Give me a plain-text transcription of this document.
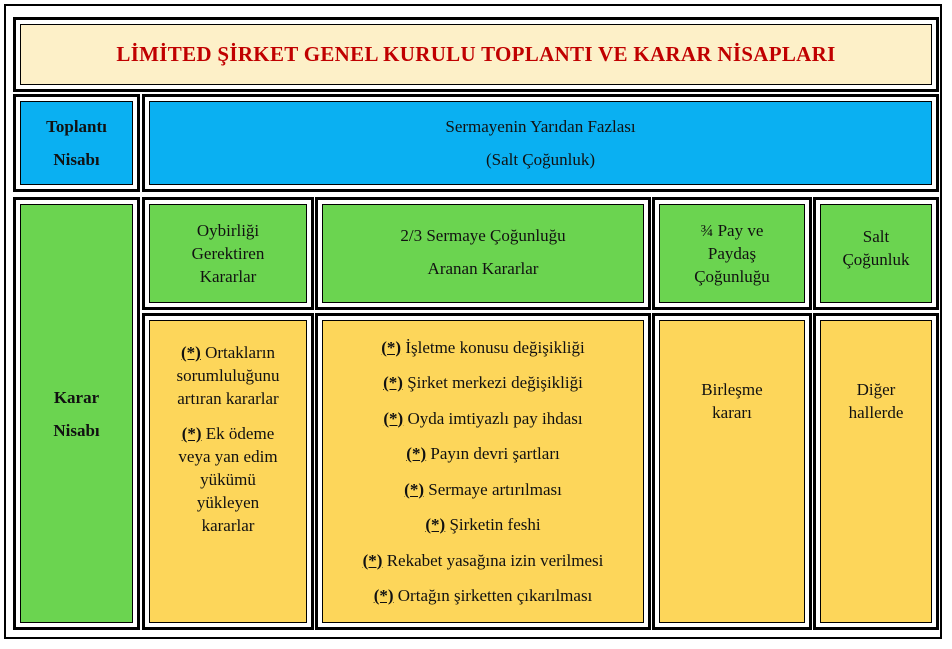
LİMİTED ŞİRKET GENEL KURULU TOPLANTI VE KARAR NİSAPLARI
Toplantı
Nisabı
Sermayenin Yarıdan Fazlası
(Salt Çoğunluk)
Karar
Nisabı
Oybirliği
Gerektiren
Kararlar
2/3 Sermaye Çoğunluğu
Aranan Kararlar
¾ Pay ve
Paydaş
Çoğunluğu
Salt
Çoğunluk
(*) Ortakların
sorumluluğunu
artıran kararlar
(*) Ek ödeme
veya yan edim
yükümü
yükleyen
kararlar
(*) İşletme konusu değişikliği
(*) Şirket merkezi değişikliği
(*) Oyda imtiyazlı pay ihdası
(*) Payın devri şartları
(*) Sermaye artırılması
(*) Şirketin feshi
(*) Rekabet yasağına izin verilmesi
(*) Ortağın şirketten çıkarılması
Birleşme
kararı
Diğer
hallerde
